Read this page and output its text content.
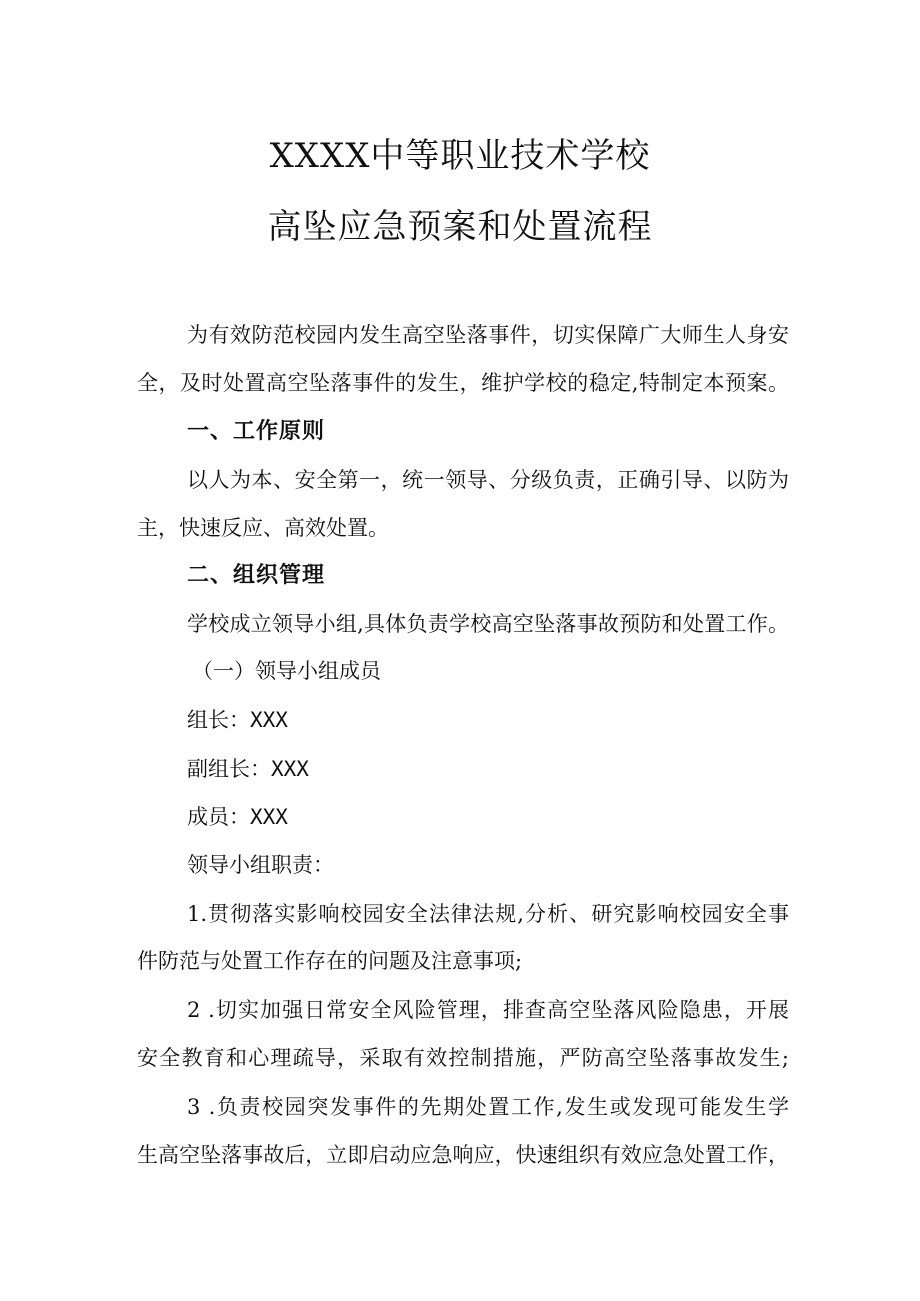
XXXX中等职业技术学校
高坠应急预案和处置流程
为有效防范校园内发生高空坠落事件，切实保障广大师生人身安
全，及时处置高空坠落事件的发生，维护学校的稳定,特制定本预案。
一、工作原则
以人为本、安全第一，统一领导、分级负责，正确引导、以防为
主，快速反应、高效处置。
二、组织管理
学校成立领导小组,具体负责学校高空坠落事故预防和处置工作。
（一）领导小组成员
组长：XXX
副组长：XXX
成员：XXX
领导小组职责：
1.贯彻落实影响校园安全法律法规,分析、研究影响校园安全事
件防范与处置工作存在的问题及注意事项;
2 .切实加强日常安全风险管理，排查高空坠落风险隐患，开展
安全教育和心理疏导，采取有效控制措施，严防高空坠落事故发生;
3 .负责校园突发事件的先期处置工作,发生或发现可能发生学
生高空坠落事故后，立即启动应急响应，快速组织有效应急处置工作，
